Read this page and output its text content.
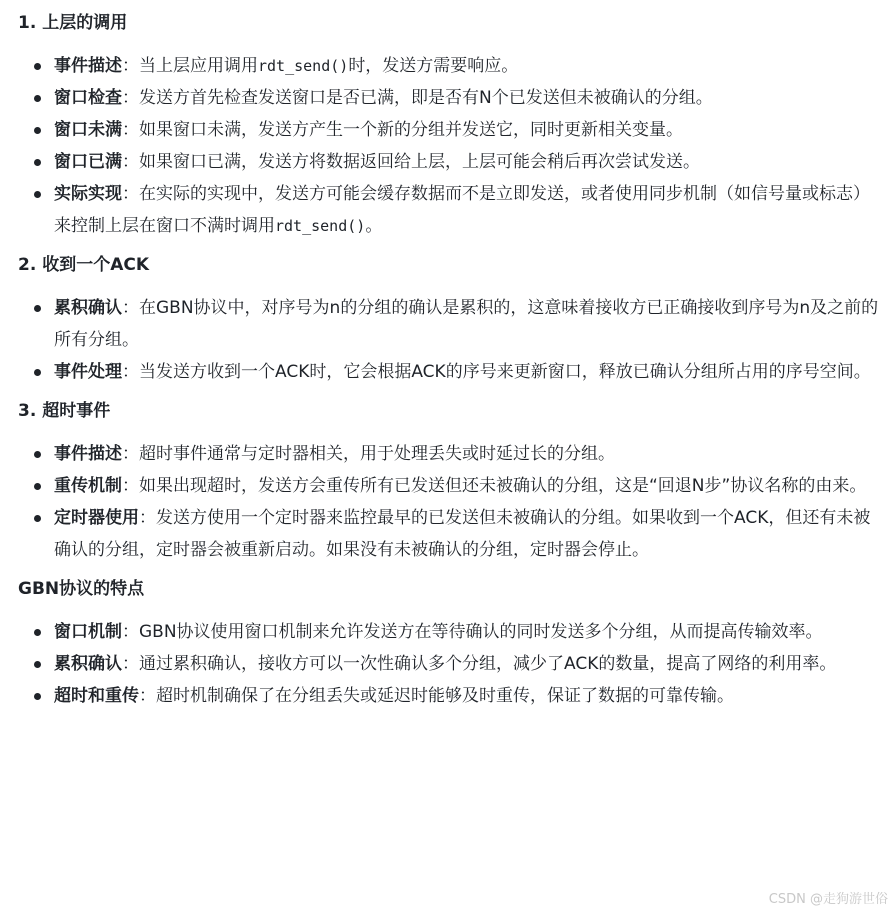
1. 上层的调用
事件描述：当上层应用调用rdt_send()时，发送方需要响应。
窗口检查：发送方首先检查发送窗口是否已满，即是否有N个已发送但未被确认的分组。
窗口未满：如果窗口未满，发送方产生一个新的分组并发送它，同时更新相关变量。
窗口已满：如果窗口已满，发送方将数据返回给上层，上层可能会稍后再次尝试发送。
实际实现：在实际的实现中，发送方可能会缓存数据而不是立即发送，或者使用同步机制（如信号量或标志）来控制上层在窗口不满时调用rdt_send()。
2. 收到一个ACK
累积确认：在GBN协议中，对序号为n的分组的确认是累积的，这意味着接收方已正确接收到序号为n及之前的所有分组。
事件处理：当发送方收到一个ACK时，它会根据ACK的序号来更新窗口，释放已确认分组所占用的序号空间。
3. 超时事件
事件描述：超时事件通常与定时器相关，用于处理丢失或时延过长的分组。
重传机制：如果出现超时，发送方会重传所有已发送但还未被确认的分组，这是“回退N步”协议名称的由来。
定时器使用：发送方使用一个定时器来监控最早的已发送但未被确认的分组。如果收到一个ACK，但还有未被确认的分组，定时器会被重新启动。如果没有未被确认的分组，定时器会停止。
GBN协议的特点
窗口机制：GBN协议使用窗口机制来允许发送方在等待确认的同时发送多个分组，从而提高传输效率。
累积确认：通过累积确认，接收方可以一次性确认多个分组，减少了ACK的数量，提高了网络的利用率。
超时和重传：超时机制确保了在分组丢失或延迟时能够及时重传，保证了数据的可靠传输。
CSDN @走狗游世俗
